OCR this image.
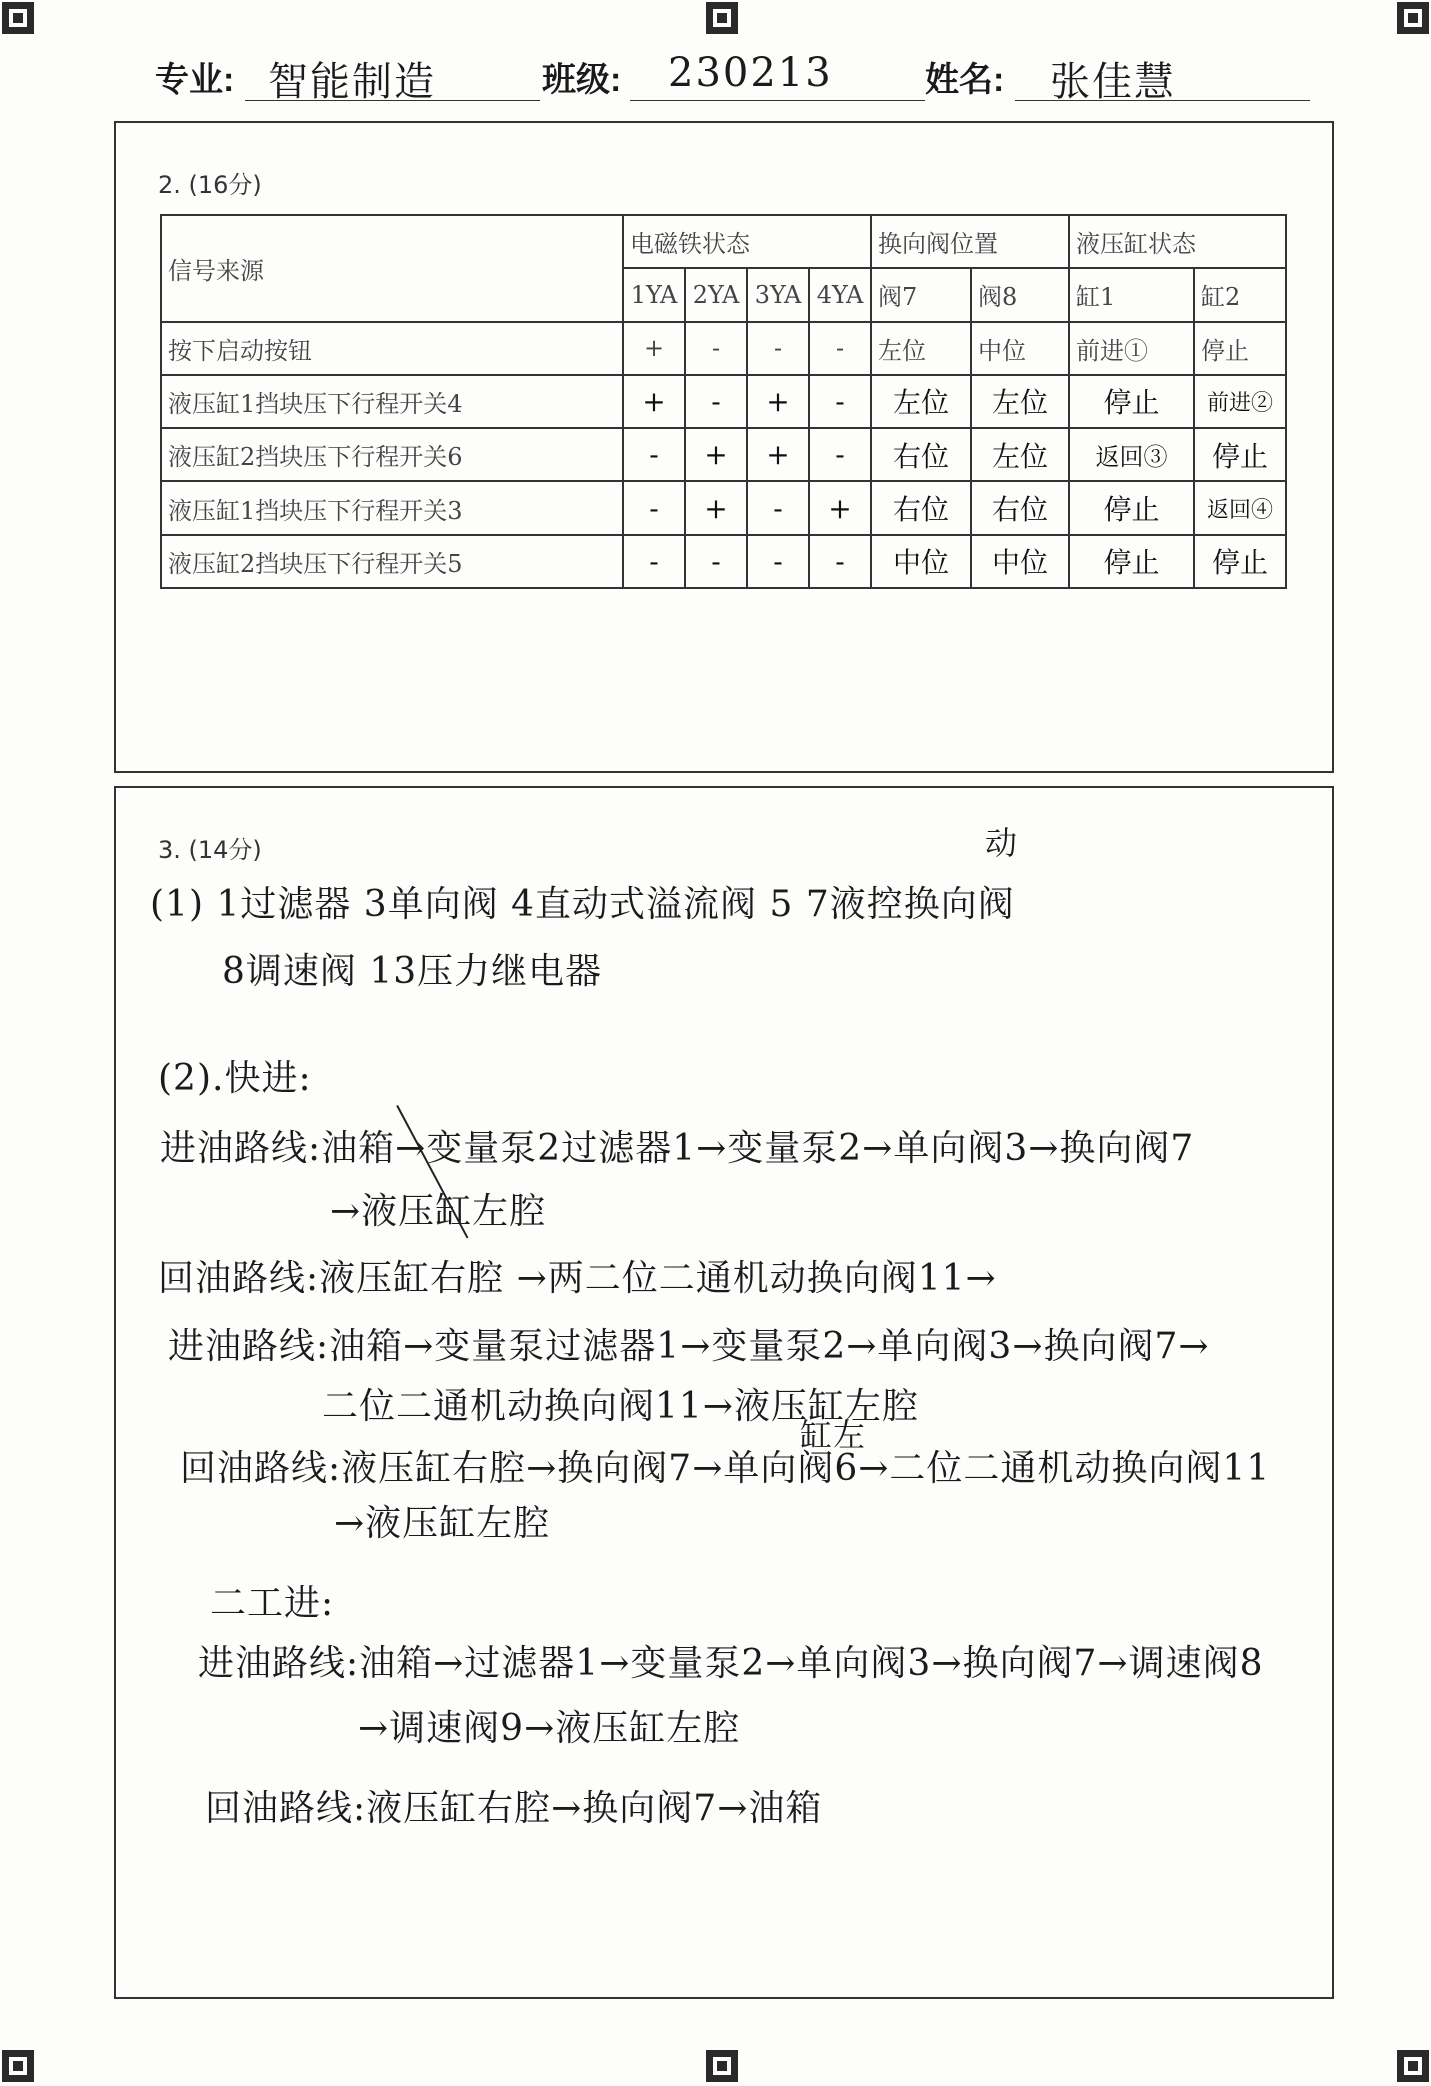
专业: 智能制造	班级: 230213	姓名: 张佳慧
2. (16分)
信号来源	电磁铁状态				换向阀位置		液压缸状态	
	1YA	2YA	3YA	4YA	阀7	阀8	缸1	缸2
按下启动按钮	+	-	-	-	左位	中位	前进①	停止
液压缸1挡块压下行程开关4	+	-	+	-	左位	左位	停止	前进②
液压缸2挡块压下行程开关6	-	+	+	-	右位	左位	返回③	停止
液压缸1挡块压下行程开关3	-	+	-	+	右位	右位	停止	返回④
液压缸2挡块压下行程开关5	-	-	-	-	中位	中位	停止	停止
3. (14分)	动
(1) 1过滤器 3单向阀 4直动式溢流阀 5 7液控换向阀
8调速阀 13压力继电器
(2).快进:
进油路线:油箱→变量泵2过滤器1→变量泵2→单向阀3→换向阀7
→液压缸左腔
回油路线:液压缸右腔 →两二位二通机动换向阀11→
进油路线:油箱→变量泵过滤器1→变量泵2→单向阀3→换向阀7→
二位二通机动换向阀11→液压缸左腔
缸左
回油路线:液压缸右腔→换向阀7→单向阀6→二位二通机动换向阀11
→液压缸左腔
二工进:
进油路线:油箱→过滤器1→变量泵2→单向阀3→换向阀7→调速阀8
→调速阀9→液压缸左腔
回油路线:液压缸右腔→换向阀7→油箱
